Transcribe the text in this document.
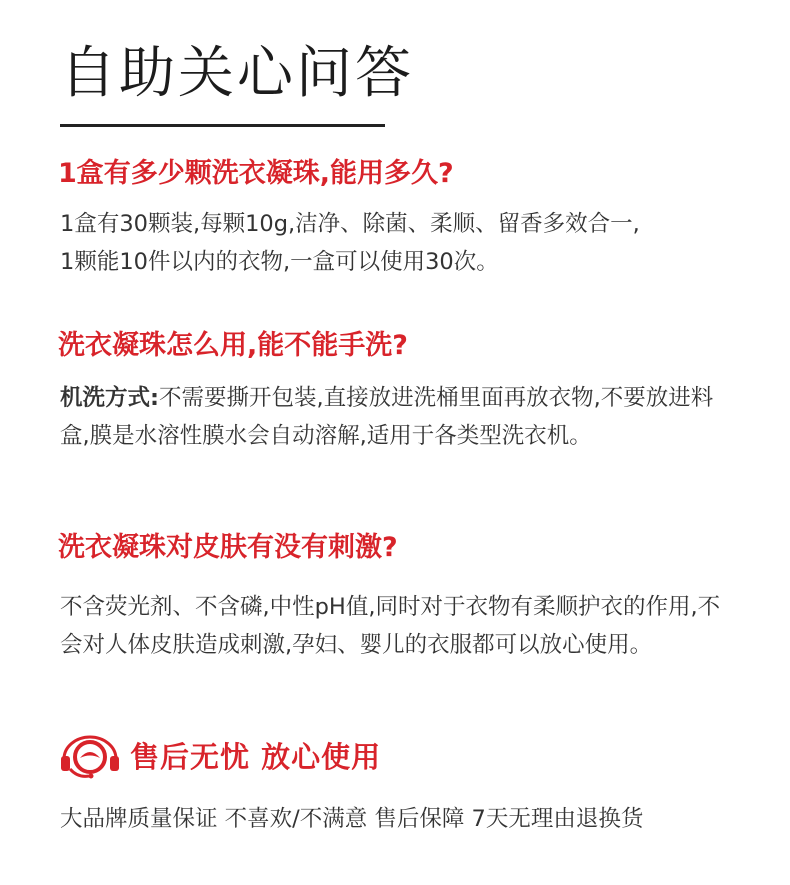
自助关心问答
1盒有多少颗洗衣凝珠,能用多久?
1盒有30颗装,每颗10g,洁净、除菌、柔顺、留香多效合一,
1颗能10件以内的衣物,一盒可以使用30次。
洗衣凝珠怎么用,能不能手洗?
机洗方式:不需要撕开包装,直接放进洗桶里面再放衣物,不要放进料盒,膜是水溶性膜水会自动溶解,适用于各类型洗衣机。
洗衣凝珠对皮肤有没有刺激?
不含荧光剂、不含磷,中性pH值,同时对于衣物有柔顺护衣的作用,不会对人体皮肤造成刺激,孕妇、婴儿的衣服都可以放心使用。
售后无忧 放心使用
大品牌质量保证 不喜欢/不满意 售后保障 7天无理由退换货
